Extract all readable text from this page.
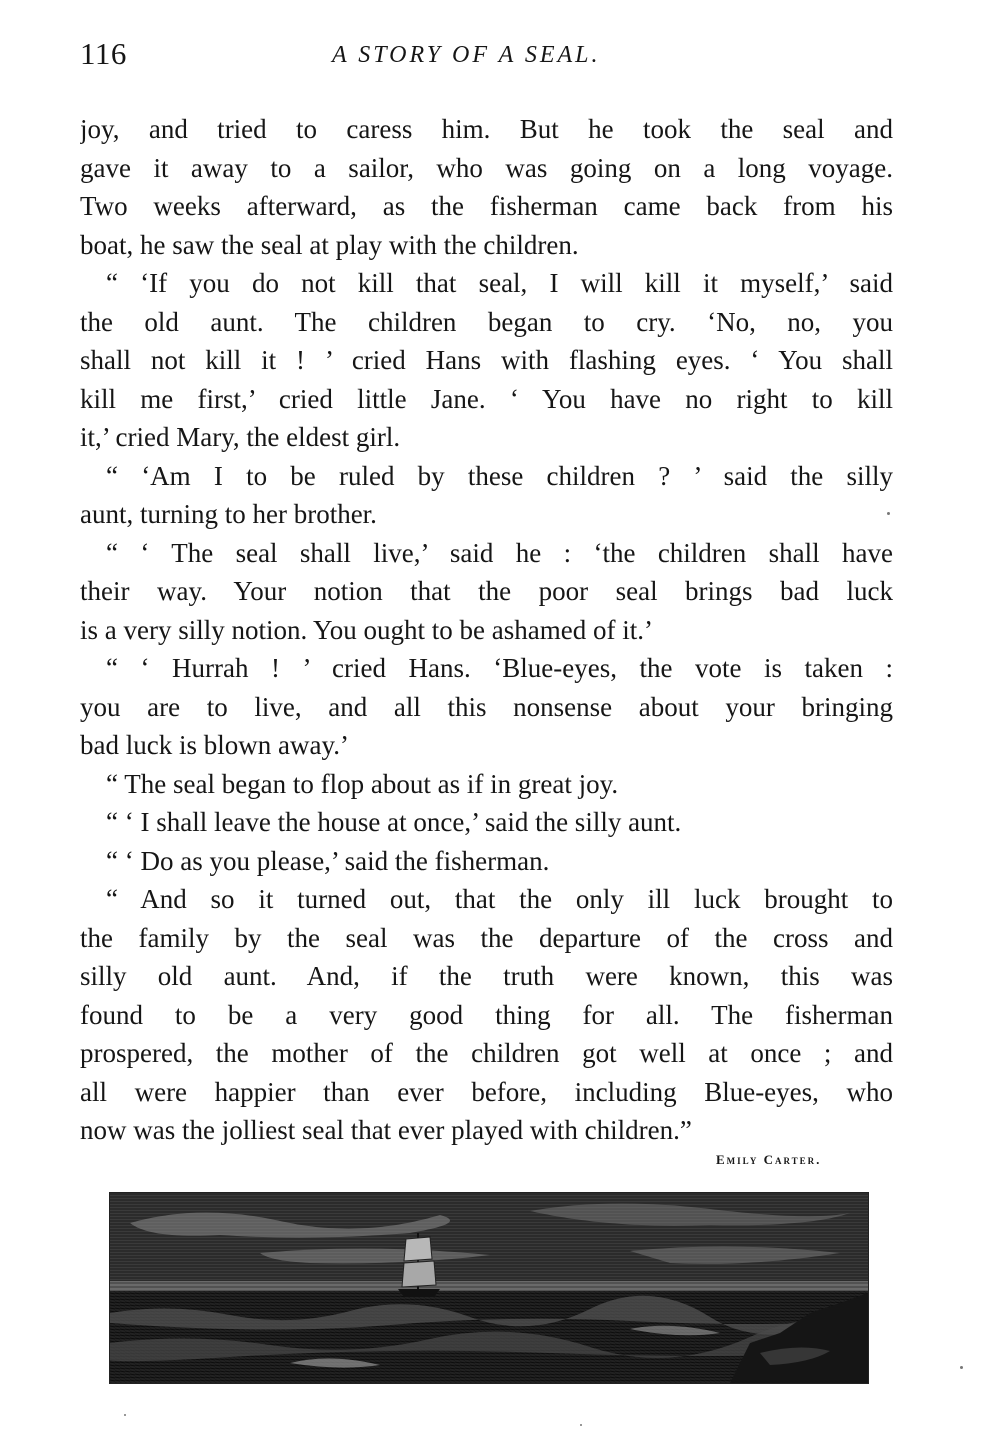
116	A STORY OF A SEAL.
joy, and tried to caress him. But he took the seal and
gave it away to a sailor, who was going on a long voyage.
Two weeks afterward, as the fisherman came back from his
boat, he saw the seal at play with the children.
“ ‘If you do not kill that seal, I will kill it myself,’ said
the old aunt. The children began to cry. ‘No, no, you
shall not kill it ! ’ cried Hans with flashing eyes. ‘ You shall
kill me first,’ cried little Jane. ‘ You have no right to kill
it,’ cried Mary, the eldest girl.
“ ‘Am I to be ruled by these children ? ’ said the silly
aunt, turning to her brother.
“ ‘ The seal shall live,’ said he : ‘the children shall have
their way. Your notion that the poor seal brings bad luck
is a very silly notion. You ought to be ashamed of it.’
“ ‘ Hurrah ! ’ cried Hans. ‘Blue-eyes, the vote is taken :
you are to live, and all this nonsense about your bringing
bad luck is blown away.’
“ The seal began to flop about as if in great joy.
“ ‘ I shall leave the house at once,’ said the silly aunt.
“ ‘ Do as you please,’ said the fisherman.
“ And so it turned out, that the only ill luck brought to
the family by the seal was the departure of the cross and
silly old aunt. And, if the truth were known, this was
found to be a very good thing for all. The fisherman
prospered, the mother of the children got well at once ; and
all were happier than ever before, including Blue-eyes, who
now was the jolliest seal that ever played with children.”
Emily Carter.
